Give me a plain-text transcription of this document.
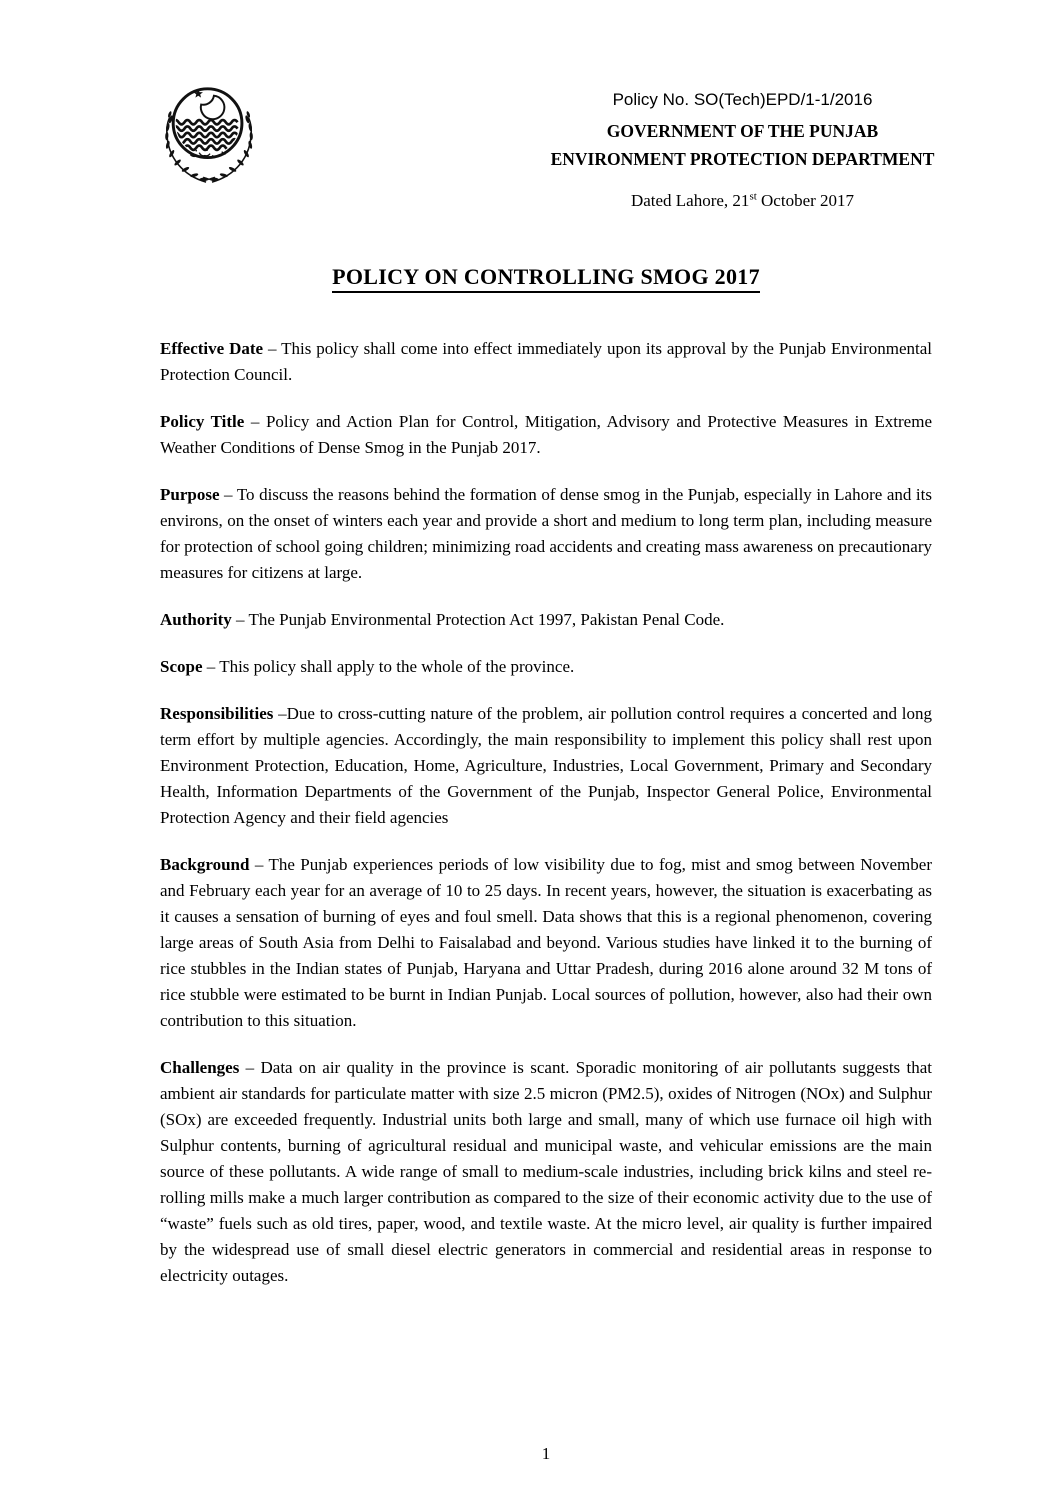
Policy No. SO(Tech)EPD/1-1/2016
GOVERNMENT OF THE PUNJAB
ENVIRONMENT PROTECTION DEPARTMENT
Dated Lahore, 21st October 2017
POLICY ON CONTROLLING SMOG 2017

Effective Date – This policy shall come into effect immediately upon its approval by the Punjab Environmental Protection Council.

Policy Title – Policy and Action Plan for Control, Mitigation, Advisory and Protective Measures in Extreme Weather Conditions of Dense Smog in the Punjab 2017.

Purpose – To discuss the reasons behind the formation of dense smog in the Punjab, especially in Lahore and its environs, on the onset of winters each year and provide a short and medium to long term plan, including measure for protection of school going children; minimizing road accidents and creating mass awareness on precautionary measures for citizens at large.

Authority – The Punjab Environmental Protection Act 1997, Pakistan Penal Code.

Scope – This policy shall apply to the whole of the province.

Responsibilities –Due to cross-cutting nature of the problem, air pollution control requires a concerted and long term effort by multiple agencies. Accordingly, the main responsibility to implement this policy shall rest upon Environment Protection, Education, Home, Agriculture, Industries, Local Government, Primary and Secondary Health, Information Departments of the Government of the Punjab, Inspector General Police, Environmental Protection Agency and their field agencies

Background – The Punjab experiences periods of low visibility due to fog, mist and smog between November and February each year for an average of 10 to 25 days. In recent years, however, the situation is exacerbating as it causes a sensation of burning of eyes and foul smell. Data shows that this is a regional phenomenon, covering large areas of South Asia from Delhi to Faisalabad and beyond. Various studies have linked it to the burning of rice stubbles in the Indian states of Punjab, Haryana and Uttar Pradesh, during 2016 alone around 32 M tons of rice stubble were estimated to be burnt in Indian Punjab. Local sources of pollution, however, also had their own contribution to this situation.

Challenges – Data on air quality in the province is scant. Sporadic monitoring of air pollutants suggests that ambient air standards for particulate matter with size 2.5 micron (PM2.5), oxides of Nitrogen (NOx) and Sulphur (SOx) are exceeded frequently. Industrial units both large and small, many of which use furnace oil high with Sulphur contents, burning of agricultural residual and municipal waste, and vehicular emissions are the main source of these pollutants. A wide range of small to medium-scale industries, including brick kilns and steel re-rolling mills make a much larger contribution as compared to the size of their economic activity due to the use of “waste” fuels such as old tires, paper, wood, and textile waste. At the micro level, air quality is further impaired by the widespread use of small diesel electric generators in commercial and residential areas in response to electricity outages.

1
